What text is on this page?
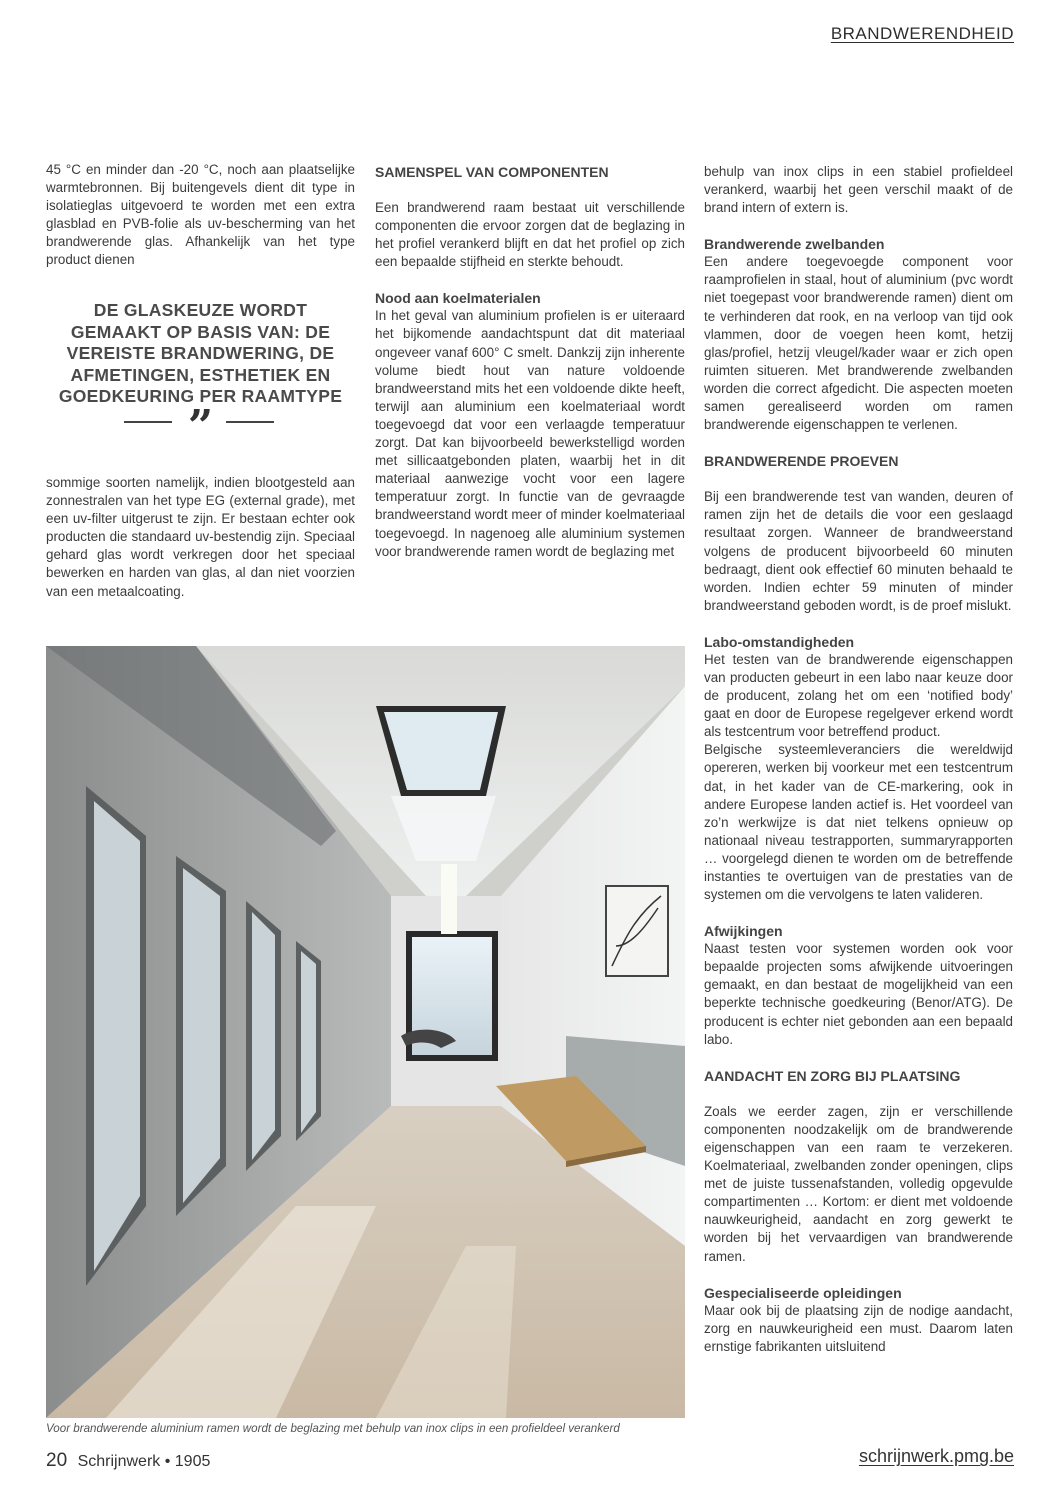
BRANDWERENDHEID

45 °C en minder dan -20 °C, noch aan plaatselijke warmtebronnen. Bij buitengevels dient dit type in isolatieglas uitgevoerd te worden met een extra glasblad en PVB-folie als uv-bescherming van het brandwerende glas. Afhankelijk van het type product dienen

DE GLASKEUZE WORDT GEMAAKT OP BASIS VAN: DE VEREISTE BRANDWERING, DE AFMETINGEN, ESTHETIEK EN GOEDKEURING PER RAAMTYPE
”

sommige soorten namelijk, indien blootgesteld aan zonnestralen van het type EG (external grade), met een uv-filter uitgerust te zijn. Er bestaan echter ook producten die standaard uv-bestendig zijn. Speciaal gehard glas wordt verkregen door het speciaal bewerken en harden van glas, al dan niet voorzien van een metaalcoating.

SAMENSPEL VAN COMPONENTEN

Een brandwerend raam bestaat uit verschillende componenten die ervoor zorgen dat de beglazing in het profiel verankerd blijft en dat het profiel op zich een bepaalde stijfheid en sterkte behoudt.

Nood aan koelmaterialen

In het geval van aluminium profielen is er uiteraard het bijkomende aandachtspunt dat dit materiaal ongeveer vanaf 600° C smelt. Dankzij zijn inherente volume biedt hout van nature voldoende brandweerstand mits het een voldoende dikte heeft, terwijl aan aluminium een koelmateriaal wordt toegevoegd dat voor een verlaagde temperatuur zorgt. Dat kan bijvoorbeeld bewerkstelligd worden met sillicaatgebonden platen, waarbij het in dit materiaal aanwezige vocht voor een lagere temperatuur zorgt. In functie van de gevraagde brandweerstand wordt meer of minder koelmateriaal toegevoegd. In nagenoeg alle aluminium systemen voor brandwerende ramen wordt de beglazing met

behulp van inox clips in een stabiel profieldeel verankerd, waarbij het geen verschil maakt of de brand intern of extern is.

Brandwerende zwelbanden

Een andere toegevoegde component voor raamprofielen in staal, hout of aluminium (pvc wordt niet toegepast voor brandwerende ramen) dient om te verhinderen dat rook, en na verloop van tijd ook vlammen, door de voegen heen komt, hetzij glas/profiel, hetzij vleugel/kader waar er zich open ruimten situeren. Met brandwerende zwelbanden worden die correct afgedicht. Die aspecten moeten samen gerealiseerd worden om ramen brandwerende eigenschappen te verlenen.

BRANDWERENDE PROEVEN

Bij een brandwerende test van wanden, deuren of ramen zijn het de details die voor een geslaagd resultaat zorgen. Wanneer de brandweerstand volgens de producent bijvoorbeeld 60 minuten bedraagt, dient ook effectief 60 minuten behaald te worden. Indien echter 59 minuten of minder brandweerstand geboden wordt, is de proef mislukt.

Labo-omstandigheden

Het testen van de brandwerende eigenschappen van producten gebeurt in een labo naar keuze door de producent, zolang het om een ‘notified body’ gaat en door de Europese regelgever erkend wordt als testcentrum voor betreffend product.

Belgische systeemleveranciers die wereldwijd opereren, werken bij voorkeur met een testcentrum dat, in het kader van de CE-markering, ook in andere Europese landen actief is. Het voordeel van zo’n werkwijze is dat niet telkens opnieuw op nationaal niveau testrapporten, summaryrapporten … voorgelegd dienen te worden om de betreffende instanties te overtuigen van de prestaties van de systemen om die vervolgens te laten valideren.

Afwijkingen

Naast testen voor systemen worden ook voor bepaalde projecten soms afwijkende uitvoeringen gemaakt, en dan bestaat de mogelijkheid van een beperkte technische goedkeuring (Benor/ATG). De producent is echter niet gebonden aan een bepaald labo.

AANDACHT EN ZORG BIJ PLAATSING

Zoals we eerder zagen, zijn er verschillende componenten noodzakelijk om de brandwerende eigenschappen van een raam te verzekeren. Koelmateriaal, zwelbanden zonder openingen, clips met de juiste tussenafstanden, volledig opgevulde compartimenten … Kortom: er dient met voldoende nauwkeurigheid, aandacht en zorg gewerkt te worden bij het vervaardigen van brandwerende ramen.

Gespecialiseerde opleidingen

Maar ook bij de plaatsing zijn de nodige aandacht, zorg en nauwkeurigheid een must. Daarom laten ernstige fabrikanten uitsluitend

Voor brandwerende aluminium ramen wordt de beglazing met behulp van inox clips in een profieldeel verankerd
20 Schrijnwerk • 1905	schrijnwerk.pmg.be
